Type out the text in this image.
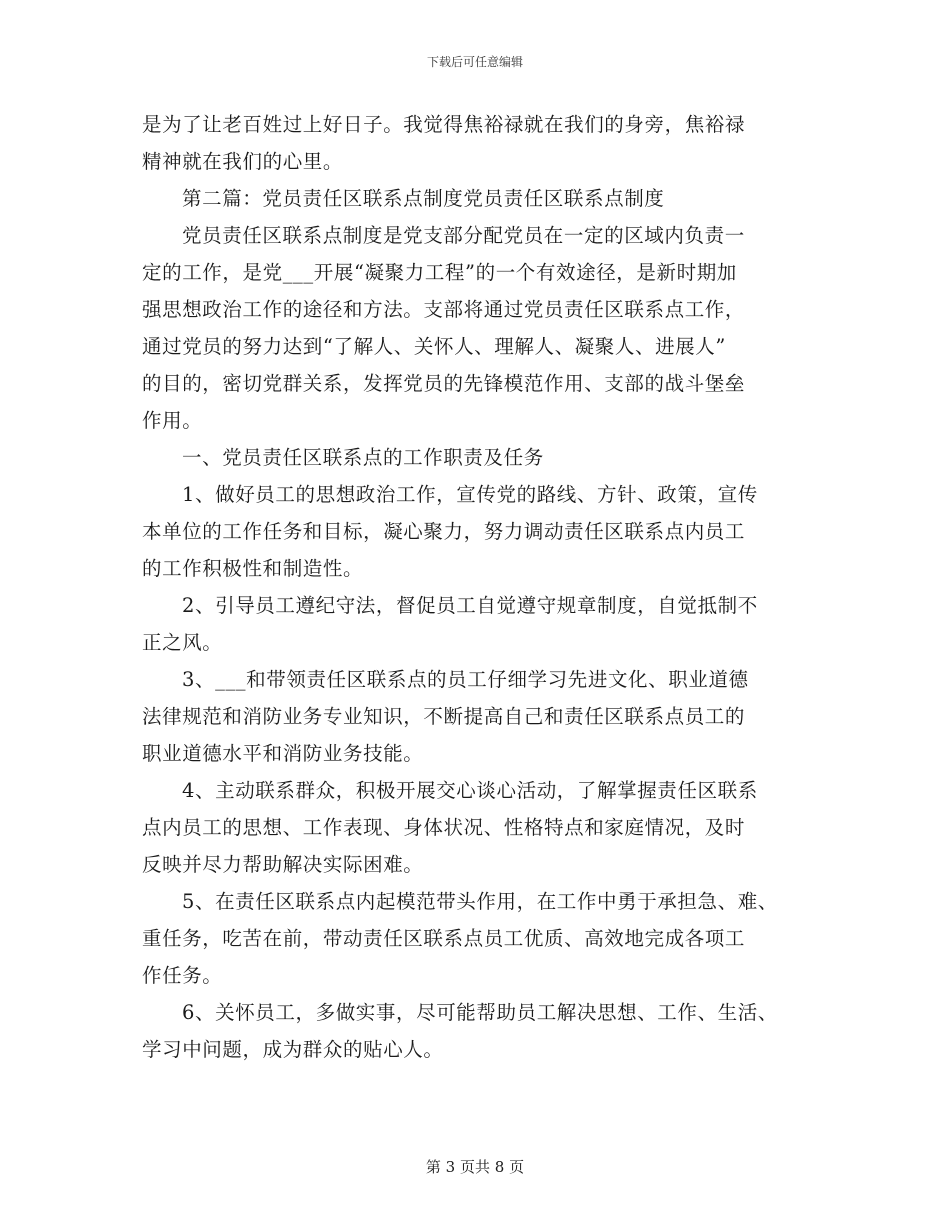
下载后可任意编辑
是为了让老百姓过上好日子。我觉得焦裕禄就在我们的身旁，焦裕禄
精神就在我们的心里。
第二篇：党员责任区联系点制度党员责任区联系点制度
党员责任区联系点制度是党支部分配党员在一定的区域内负责一
定的工作，是党___开展“凝聚力工程”的一个有效途径，是新时期加
强思想政治工作的途径和方法。支部将通过党员责任区联系点工作，
通过党员的努力达到“了解人、关怀人、理解人、凝聚人、进展人”
的目的，密切党群关系，发挥党员的先锋模范作用、支部的战斗堡垒
作用。
一、党员责任区联系点的工作职责及任务
1、做好员工的思想政治工作，宣传党的路线、方针、政策，宣传
本单位的工作任务和目标，凝心聚力，努力调动责任区联系点内员工
的工作积极性和制造性。
2、引导员工遵纪守法，督促员工自觉遵守规章制度，自觉抵制不
正之风。
3、___和带领责任区联系点的员工仔细学习先进文化、职业道德
法律规范和消防业务专业知识，不断提高自己和责任区联系点员工的
职业道德水平和消防业务技能。
4、主动联系群众，积极开展交心谈心活动，了解掌握责任区联系
点内员工的思想、工作表现、身体状况、性格特点和家庭情况，及时
反映并尽力帮助解决实际困难。
5、在责任区联系点内起模范带头作用，在工作中勇于承担急、难、
重任务，吃苦在前，带动责任区联系点员工优质、高效地完成各项工
作任务。
6、关怀员工，多做实事，尽可能帮助员工解决思想、工作、生活、
学习中问题，成为群众的贴心人。
第 3 页共 8 页
